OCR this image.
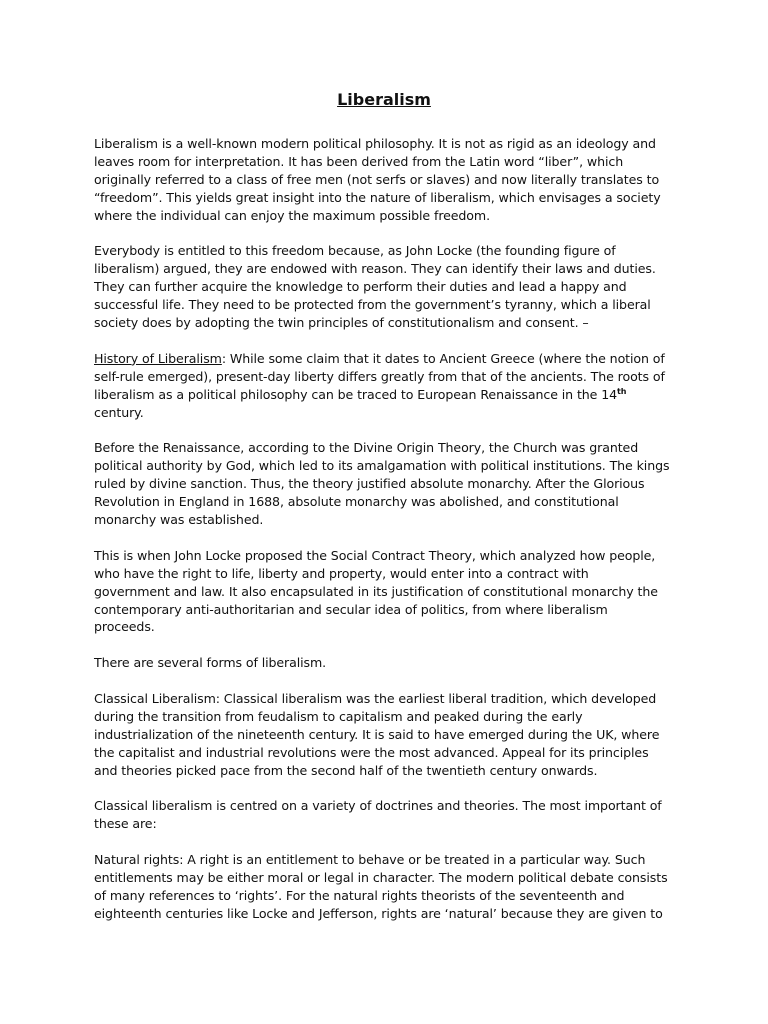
Liberalism

Liberalism is a well-known modern political philosophy. It is not as rigid as an ideology and
leaves room for interpretation. It has been derived from the Latin word “liber”, which
originally referred to a class of free men (not serfs or slaves) and now literally translates to
“freedom”. This yields great insight into the nature of liberalism, which envisages a society
where the individual can enjoy the maximum possible freedom.

Everybody is entitled to this freedom because, as John Locke (the founding figure of
liberalism) argued, they are endowed with reason. They can identify their laws and duties.
They can further acquire the knowledge to perform their duties and lead a happy and
successful life. They need to be protected from the government’s tyranny, which a liberal
society does by adopting the twin principles of constitutionalism and consent. –

History of Liberalism: While some claim that it dates to Ancient Greece (where the notion of
self-rule emerged), present-day liberty differs greatly from that of the ancients. The roots of
liberalism as a political philosophy can be traced to European Renaissance in the 14th
century.

Before the Renaissance, according to the Divine Origin Theory, the Church was granted
political authority by God, which led to its amalgamation with political institutions. The kings
ruled by divine sanction. Thus, the theory justified absolute monarchy. After the Glorious
Revolution in England in 1688, absolute monarchy was abolished, and constitutional
monarchy was established.

This is when John Locke proposed the Social Contract Theory, which analyzed how people,
who have the right to life, liberty and property, would enter into a contract with
government and law. It also encapsulated in its justification of constitutional monarchy the
contemporary anti-authoritarian and secular idea of politics, from where liberalism
proceeds.

There are several forms of liberalism.

Classical Liberalism: Classical liberalism was the earliest liberal tradition, which developed
during the transition from feudalism to capitalism and peaked during the early
industrialization of the nineteenth century. It is said to have emerged during the UK, where
the capitalist and industrial revolutions were the most advanced. Appeal for its principles
and theories picked pace from the second half of the twentieth century onwards.

Classical liberalism is centred on a variety of doctrines and theories. The most important of
these are:

Natural rights: A right is an entitlement to behave or be treated in a particular way. Such
entitlements may be either moral or legal in character. The modern political debate consists
of many references to ‘rights’. For the natural rights theorists of the seventeenth and
eighteenth centuries like Locke and Jefferson, rights are ‘natural’ because they are given to
